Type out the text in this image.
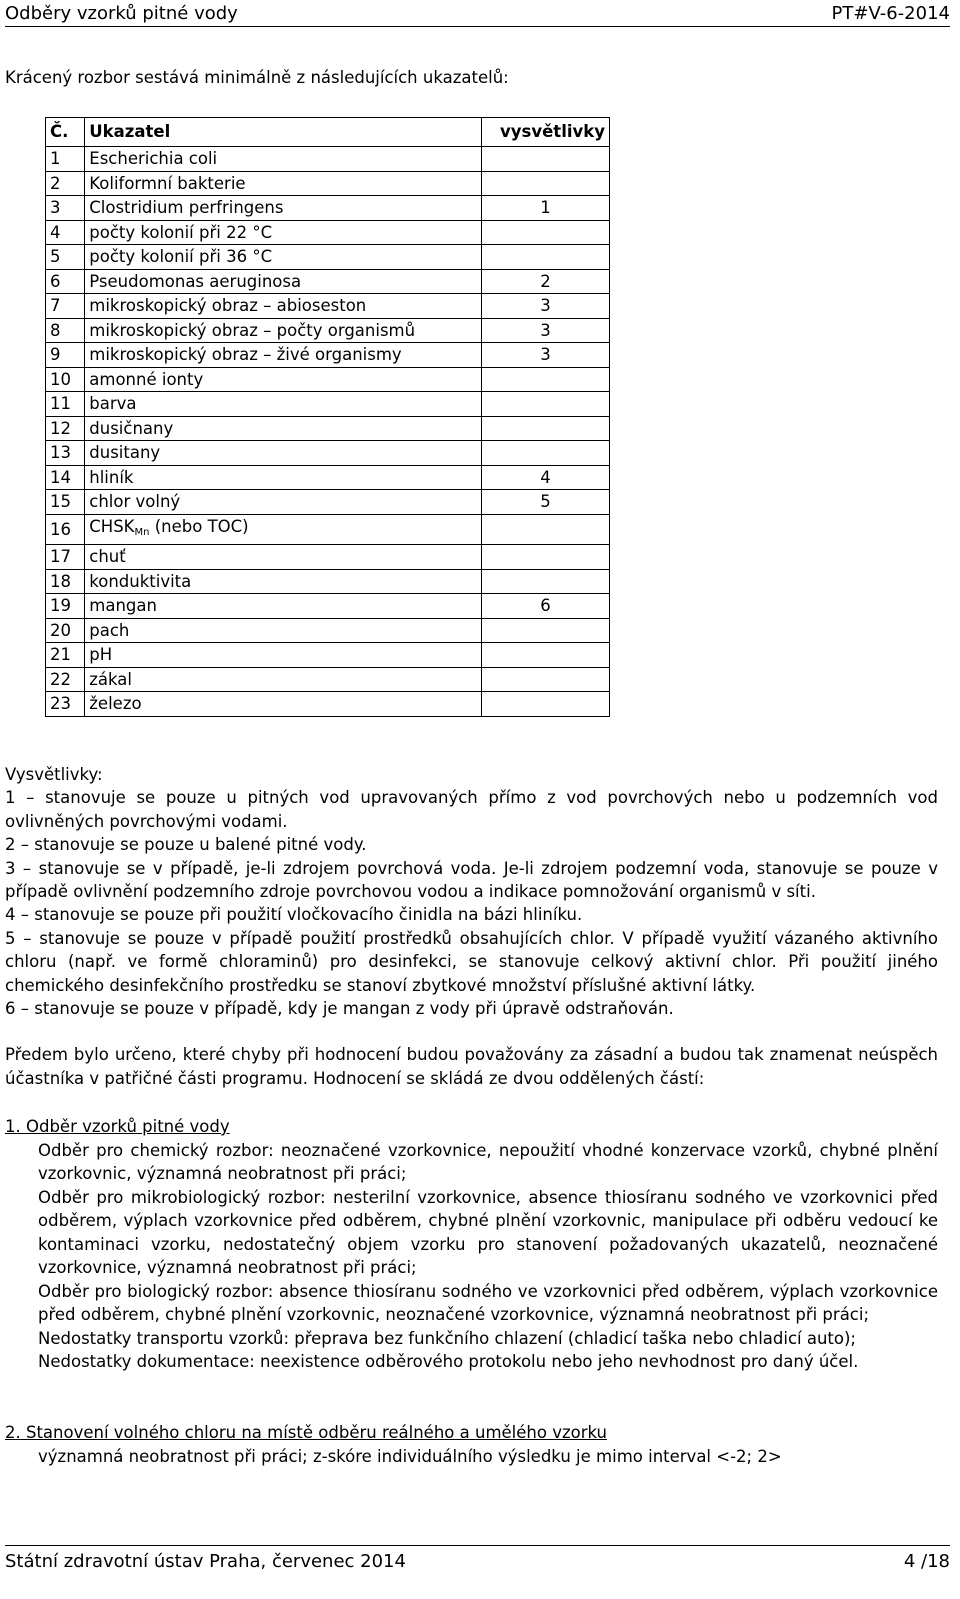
Odběry vzorků pitné vody	PT#V-6-2014
Krácený rozbor sestává minimálně z následujících ukazatelů:
Č.	Ukazatel	vysvětlivky
1	Escherichia coli	
2	Koliformní bakterie	
3	Clostridium perfringens	1
4	počty kolonií při 22 °C	
5	počty kolonií při 36 °C	
6	Pseudomonas aeruginosa	2
7	mikroskopický obraz – abioseston	3
8	mikroskopický obraz – počty organismů	3
9	mikroskopický obraz – živé organismy	3
10	amonné ionty	
11	barva	
12	dusičnany	
13	dusitany	
14	hliník	4
15	chlor volný	5
16	$CHSK_{Mn}$ (nebo TOC)	
17	chuť	
18	konduktivita	
19	mangan	6
20	pach	
21	pH	
22	zákal	
23	železo	

Vysvětlivky:

1 – stanovuje se pouze u pitných vod upravovaných přímo z vod povrchových nebo u podzemních vod ovlivněných povrchovými vodami.

2 – stanovuje se pouze u balené pitné vody.

3 – stanovuje se v případě, je-li zdrojem povrchová voda. Je-li zdrojem podzemní voda, stanovuje se pouze v případě ovlivnění podzemního zdroje povrchovou vodou a indikace pomnožování organismů v síti.

4 – stanovuje se pouze při použití vločkovacího činidla na bázi hliníku.

5 – stanovuje se pouze v případě použití prostředků obsahujících chlor. V případě využití vázaného aktivního chloru (např. ve formě chloraminů) pro desinfekci, se stanovuje celkový aktivní chlor. Při použití jiného chemického desinfekčního prostředku se stanoví zbytkové množství příslušné aktivní látky.

6 – stanovuje se pouze v případě, kdy je mangan z vody při úpravě odstraňován.

Předem bylo určeno, které chyby při hodnocení budou považovány za zásadní a budou tak znamenat neúspěch účastníka v patřičné části programu. Hodnocení se skládá ze dvou oddělených částí:

1. Odběr vzorků pitné vody

Odběr pro chemický rozbor: neoznačené vzorkovnice, nepoužití vhodné konzervace vzorků, chybné plnění vzorkovnic, významná neobratnost při práci;

Odběr pro mikrobiologický rozbor: nesterilní vzorkovnice, absence thiosíranu sodného ve vzorkovnici před odběrem, výplach vzorkovnice před odběrem, chybné plnění vzorkovnic, manipulace při odběru vedoucí ke kontaminaci vzorku, nedostatečný objem vzorku pro stanovení požadovaných ukazatelů, neoznačené vzorkovnice, významná neobratnost při práci;

Odběr pro biologický rozbor: absence thiosíranu sodného ve vzorkovnici před odběrem, výplach vzorkovnice před odběrem, chybné plnění vzorkovnic, neoznačené vzorkovnice, významná neobratnost při práci;

Nedostatky transportu vzorků: přeprava bez funkčního chlazení (chladicí taška nebo chladicí auto);

Nedostatky dokumentace: neexistence odběrového protokolu nebo jeho nevhodnost pro daný účel.

2. Stanovení volného chloru na místě odběru reálného a umělého vzorku

významná neobratnost při práci; z-skóre individuálního výsledku je mimo interval <-2; 2>

Státní zdravotní ústav Praha, červenec 2014	4 /18
